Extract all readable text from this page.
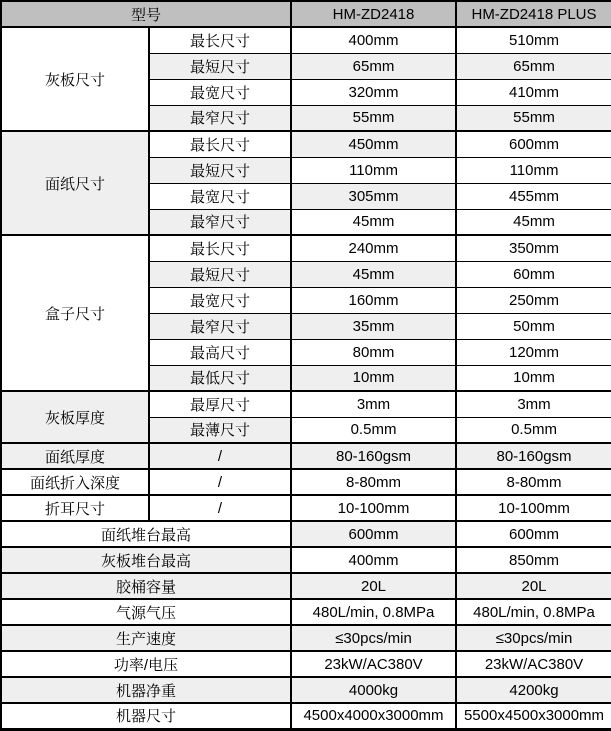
型号		HM-ZD2418	HM-ZD2418 PLUS
灰板尺寸	最长尺寸	400mm	510mm
	最短尺寸	65mm	65mm
	最宽尺寸	320mm	410mm
	最窄尺寸	55mm	55mm
面纸尺寸	最长尺寸	450mm	600mm
	最短尺寸	110mm	110mm
	最宽尺寸	305mm	455mm
	最窄尺寸	45mm	45mm
盒子尺寸	最长尺寸	240mm	350mm
	最短尺寸	45mm	60mm
	最宽尺寸	160mm	250mm
	最窄尺寸	35mm	50mm
	最高尺寸	80mm	120mm
	最低尺寸	10mm	10mm
灰板厚度	最厚尺寸	3mm	3mm
	最薄尺寸	0.5mm	0.5mm
面纸厚度	/	80-160gsm	80-160gsm
面纸折入深度	/	8-80mm	8-80mm
折耳尺寸	/	10-100mm	10-100mm
面纸堆台最高		600mm	600mm
灰板堆台最高		400mm	850mm
胶桶容量		20L	20L
气源气压		480L/min, 0.8MPa	480L/min, 0.8MPa
生产速度		≤30pcs/min	≤30pcs/min
功率/电压		23kW/AC380V	23kW/AC380V
机器净重		4000kg	4200kg
机器尺寸		4500x4000x3000mm	5500x4500x3000mm
